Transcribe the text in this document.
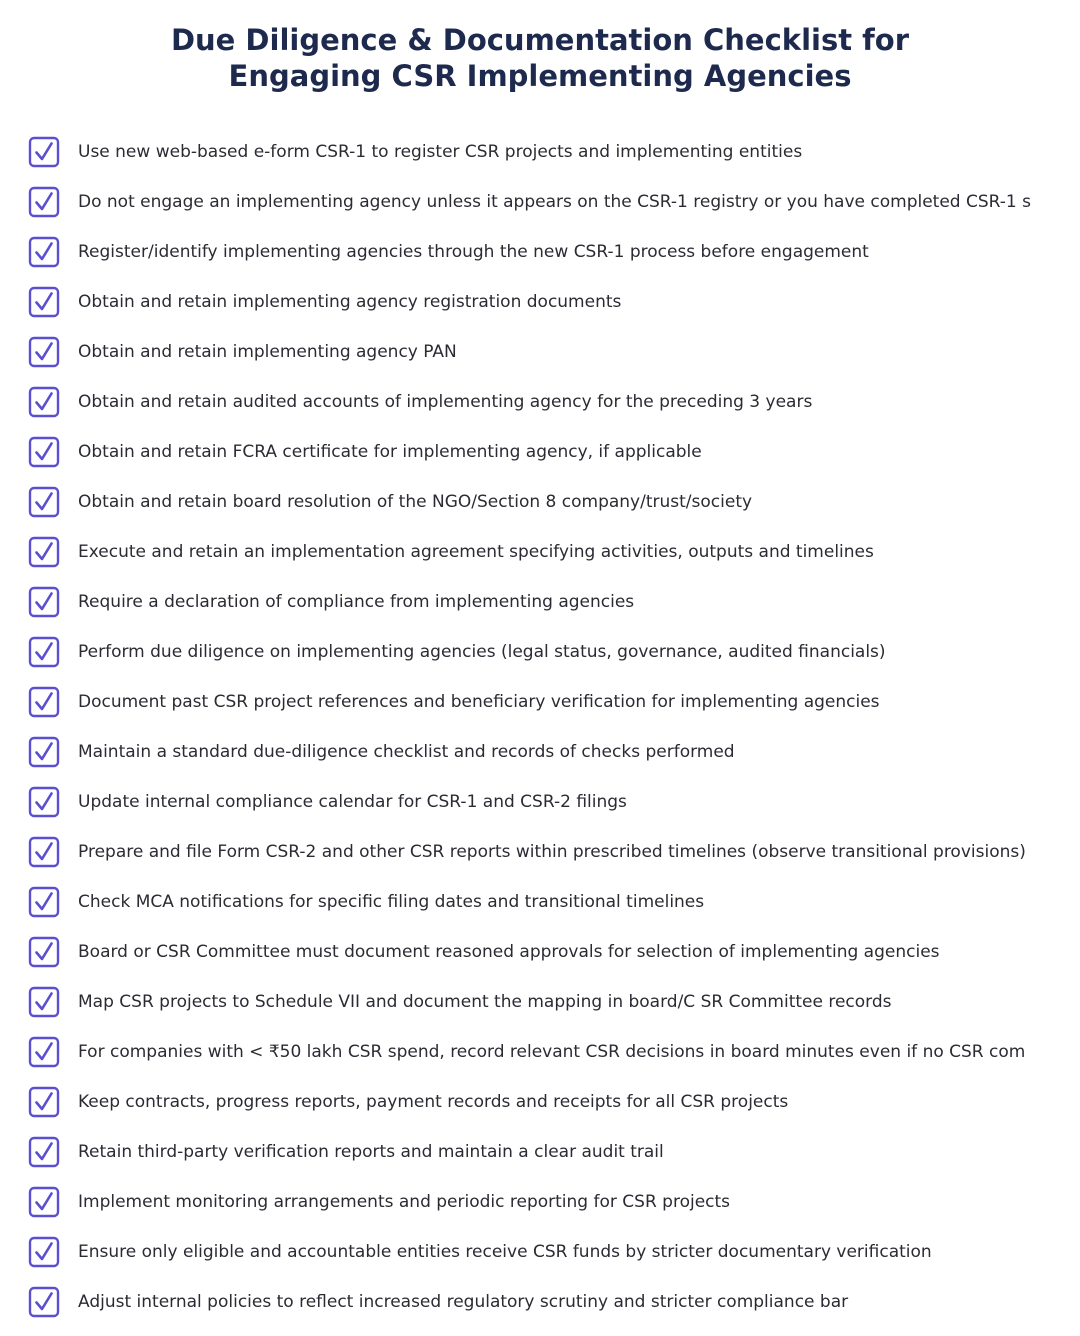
Due Diligence & Documentation Checklist for
Engaging CSR Implementing Agencies
Use new web-based e-form CSR-1 to register CSR projects and implementing entities
Do not engage an implementing agency unless it appears on the CSR-1 registry or you have completed CSR-1 s
Register/identify implementing agencies through the new CSR-1 process before engagement
Obtain and retain implementing agency registration documents
Obtain and retain implementing agency PAN
Obtain and retain audited accounts of implementing agency for the preceding 3 years
Obtain and retain FCRA certificate for implementing agency, if applicable
Obtain and retain board resolution of the NGO/Section 8 company/trust/society
Execute and retain an implementation agreement specifying activities, outputs and timelines
Require a declaration of compliance from implementing agencies
Perform due diligence on implementing agencies (legal status, governance, audited financials)
Document past CSR project references and beneficiary verification for implementing agencies
Maintain a standard due-diligence checklist and records of checks performed
Update internal compliance calendar for CSR-1 and CSR-2 filings
Prepare and file Form CSR-2 and other CSR reports within prescribed timelines (observe transitional provisions)
Check MCA notifications for specific filing dates and transitional timelines
Board or CSR Committee must document reasoned approvals for selection of implementing agencies
Map CSR projects to Schedule VII and document the mapping in board/C SR Committee records
For companies with < ₹50 lakh CSR spend, record relevant CSR decisions in board minutes even if no CSR com
Keep contracts, progress reports, payment records and receipts for all CSR projects
Retain third-party verification reports and maintain a clear audit trail
Implement monitoring arrangements and periodic reporting for CSR projects
Ensure only eligible and accountable entities receive CSR funds by stricter documentary verification
Adjust internal policies to reflect increased regulatory scrutiny and stricter compliance bar
